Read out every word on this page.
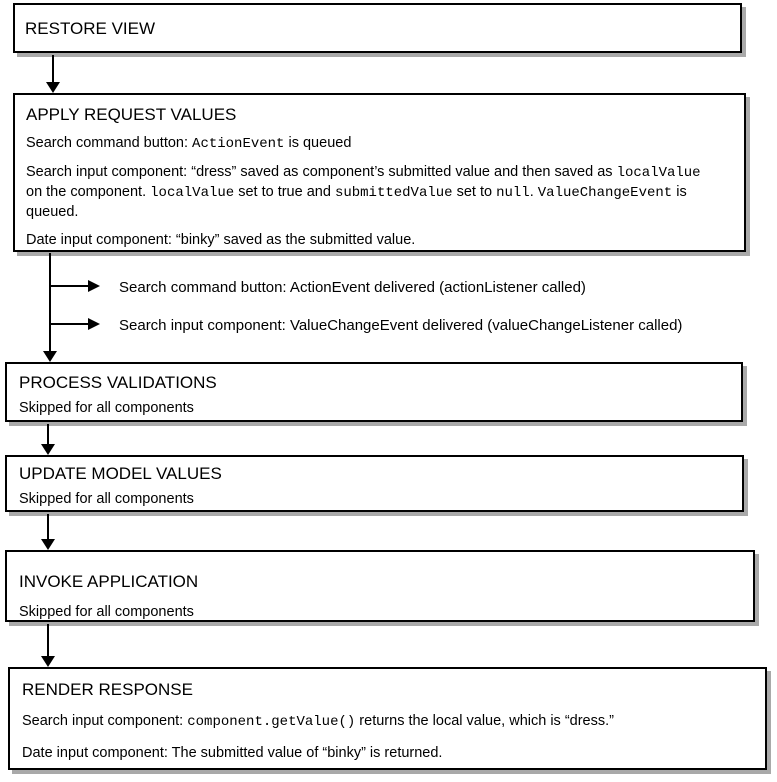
RESTORE VIEW
APPLY REQUEST VALUES

Search command button: ActionEvent is queued

Search input component: “dress” saved as component’s submitted value and then saved as localValue on the component. localValue set to true and submittedValue set to null. ValueChangeEvent is queued.

Date input component: “binky” saved as the submitted value.

Search command button: ActionEvent delivered (actionListener called)
Search input component: ValueChangeEvent delivered (valueChangeListener called)
PROCESS VALIDATIONS

Skipped for all components

UPDATE MODEL VALUES

Skipped for all components

INVOKE APPLICATION

Skipped for all components

RENDER RESPONSE

Search input component: component.getValue() returns the local value, which is “dress.”

Date input component: The submitted value of “binky” is returned.
